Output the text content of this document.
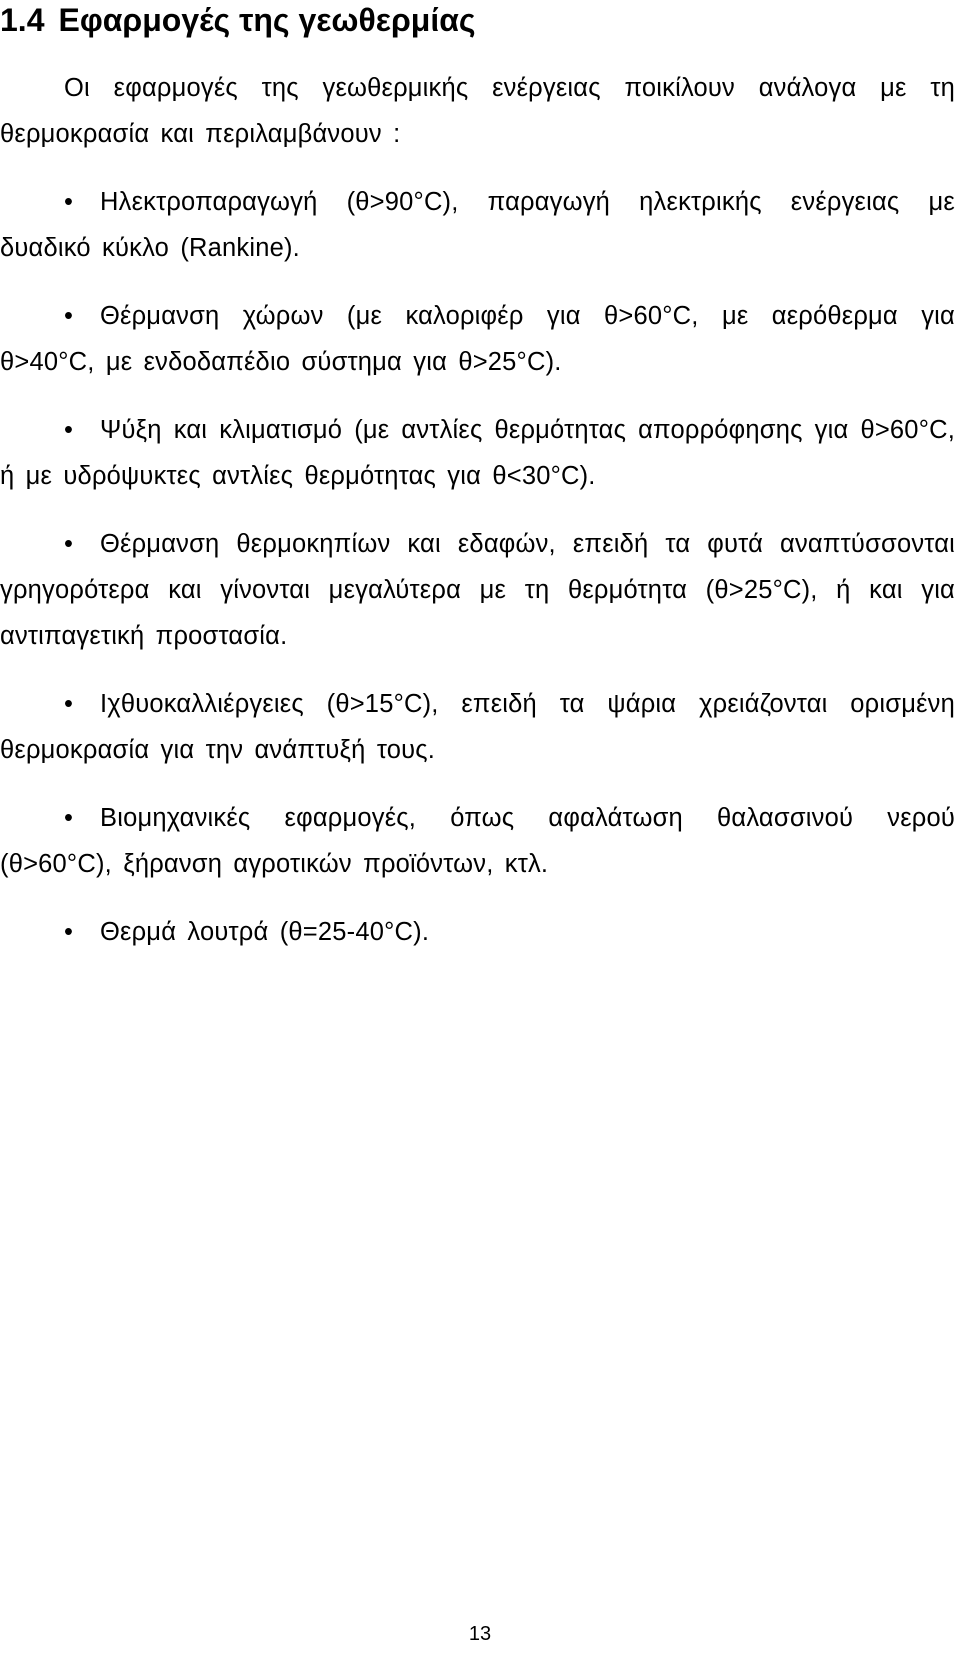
1.4 Εφαρμογές της γεωθερμίας

Οι εφαρμογές της γεωθερμικής ενέργειας ποικίλουν ανάλογα με τη θερμοκρασία και περιλαμβάνουν :

• Ηλεκτροπαραγωγή (θ>90°C), παραγωγή ηλεκτρικής ενέργειας με δυαδικό κύκλο (Rankine).

• Θέρμανση χώρων (με καλοριφέρ για θ>60°C, με αερόθερμα για θ>40°C, με ενδοδαπέδιο σύστημα για θ>25°C).

• Ψύξη και κλιματισμό (με αντλίες θερμότητας απορρόφησης για θ>60°C, ή με υδρόψυκτες αντλίες θερμότητας για θ<30°C).

• Θέρμανση θερμοκηπίων και εδαφών, επειδή τα φυτά αναπτύσσονται γρηγορότερα και γίνονται μεγαλύτερα με τη θερμότητα (θ>25°C), ή και για αντιπαγετική προστασία.

• Ιχθυοκαλλιέργειες (θ>15°C), επειδή τα ψάρια χρειάζονται ορισμένη θερμοκρασία για την ανάπτυξή τους.

• Βιομηχανικές εφαρμογές, όπως αφαλάτωση θαλασσινού νερού (θ>60°C), ξήρανση αγροτικών προϊόντων, κτλ.

• Θερμά λουτρά (θ=25-40°C).

13
